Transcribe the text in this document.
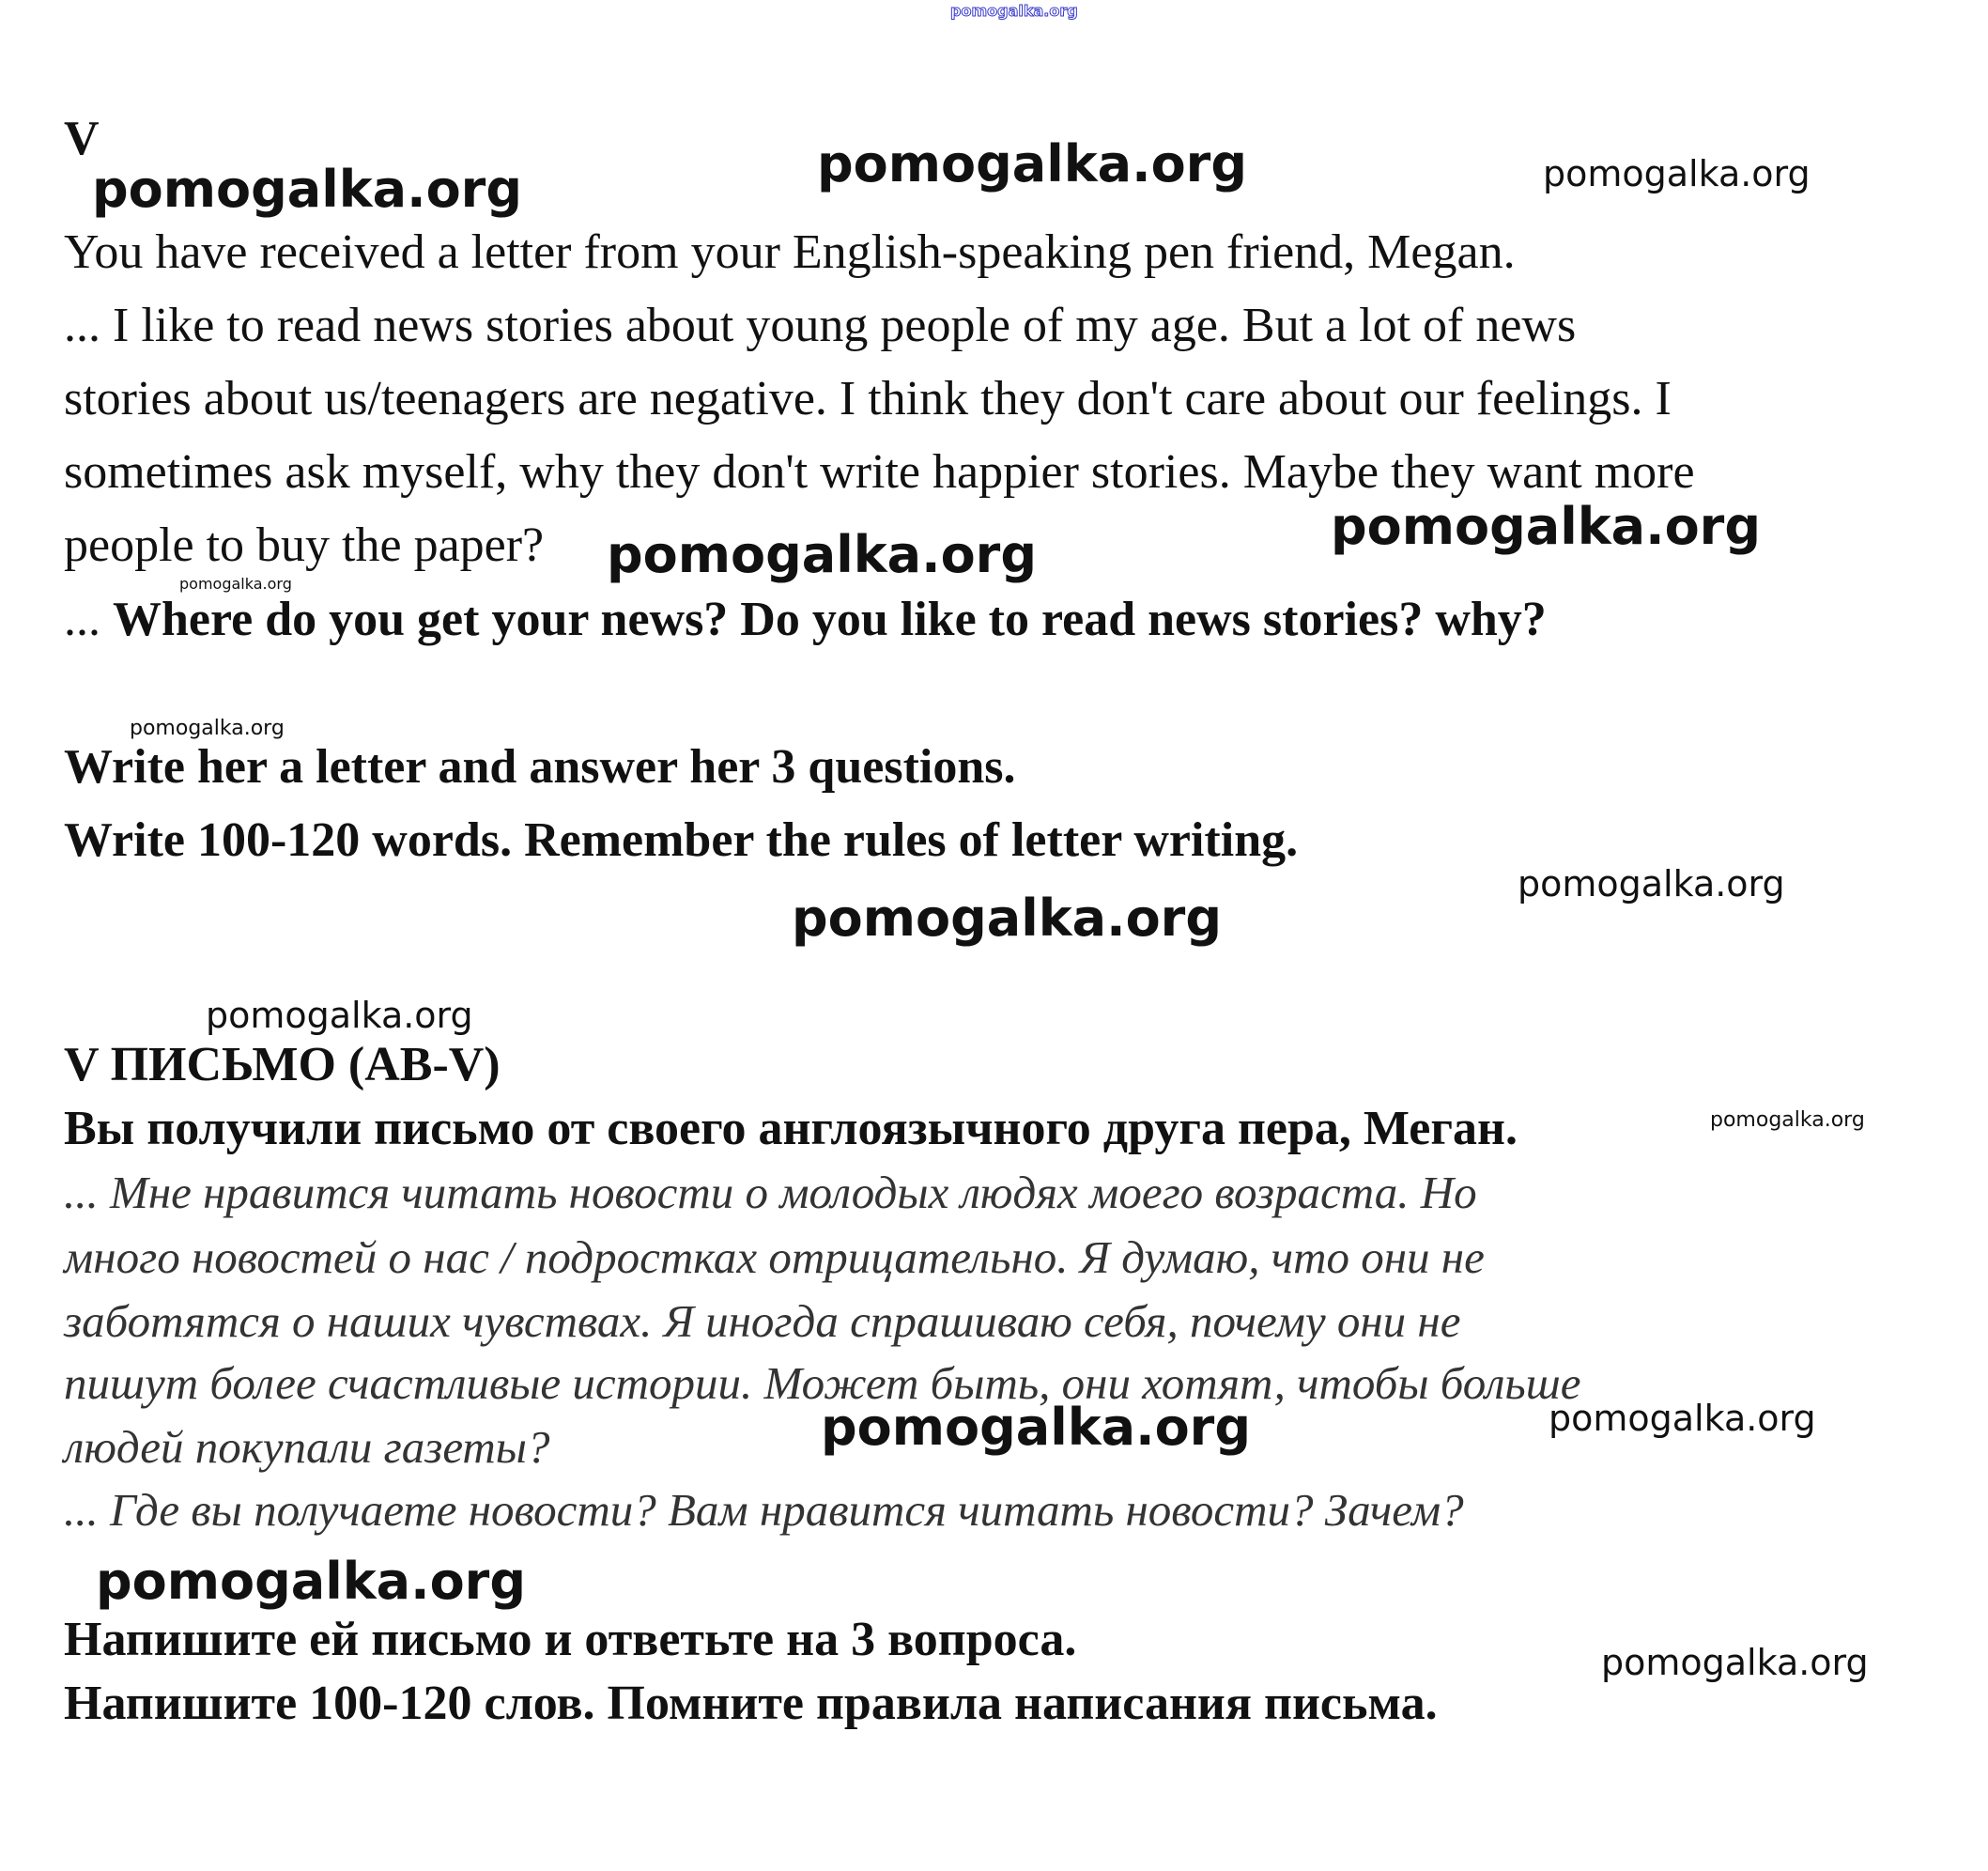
pomogalka.org
pomogalka.org	pomogalka.org	pomogalka.org
pomogalka.org	pomogalka.org
pomogalka.org
pomogalka.org
pomogalka.org
pomogalka.org
pomogalka.org
pomogalka.org
pomogalka.org	pomogalka.org
pomogalka.org
pomogalka.org
V
You have received a letter from your English-speaking pen friend, Megan.
... I like to read news stories about young people of my age. But a lot of news
stories about us/teenagers are negative. I think they don't care about our feelings. I
sometimes ask myself, why they don't write happier stories. Maybe they want more
people to buy the paper?
... Where do you get your news? Do you like to read news stories? why?
Write her a letter and answer her 3 questions.
Write 100-120 words. Remember the rules of letter writing.
V ПИСЬМО (AB-V)
Вы получили письмо от своего англоязычного друга пера, Меган.
... Мне нравится читать новости о молодых людях моего возраста. Но
много новостей о нас / подростках отрицательно. Я думаю, что они не
заботятся о наших чувствах. Я иногда спрашиваю себя, почему они не
пишут более счастливые истории. Может быть, они хотят, чтобы больше
людей покупали газеты?
... Где вы получаете новости? Вам нравится читать новости? Зачем?
Напишите ей письмо и ответьте на 3 вопроса.
Напишите 100-120 слов. Помните правила написания письма.
